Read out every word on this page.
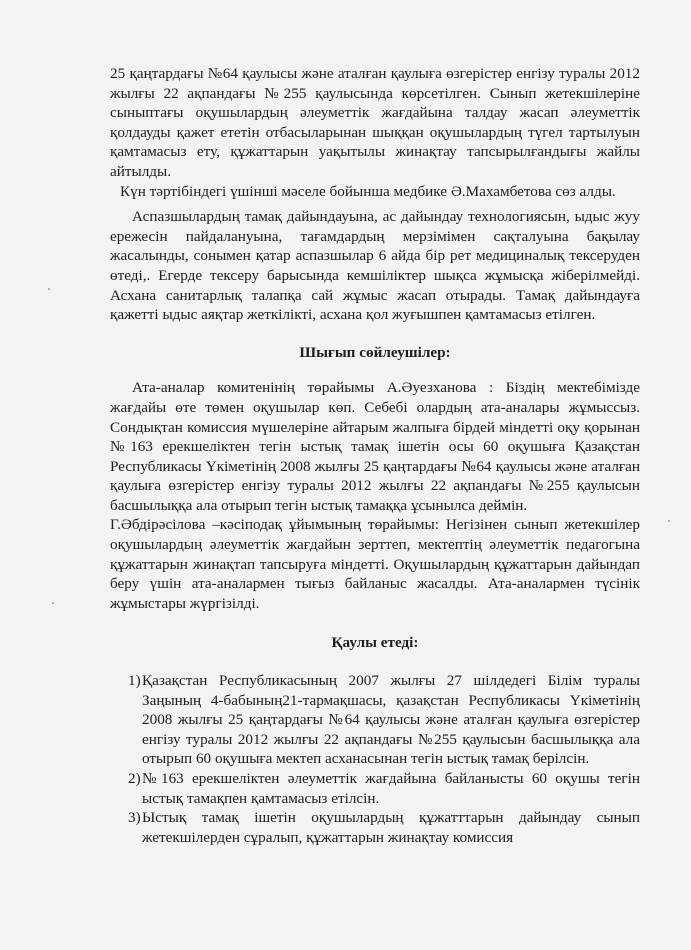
25 қаңтардағы №64 қаулысы және аталған қаулыға өзгерістер енгізу туралы 2012 жылғы 22 ақпандағы №255 қаулысында көрсетілген. Сынып жетекшілеріне сыныптағы оқушылардың әлеуметтік жағдайына талдау жасап әлеуметтік қолдауды қажет ететін отбасыларынан шыққан оқушылардың түгел тартылуын қамтамасыз ету, құжаттарын уақытылы жинақтау тапсырылғандығы жайлы айтылды.

Күн тәртібіндегі үшінші мәселе бойынша медбике Ә.Махамбетова сөз алды.

Аспазшылардың тамақ дайындауына, ас дайындау технологиясын, ыдыс жуу ережесін пайдалануына, тағамдардың мерзімімен сақталуына бақылау жасалынды, сонымен қатар аспазшылар 6 айда бір рет медициналық тексеруден өтеді,. Егерде тексеру барысында кемшіліктер шықса жұмысқа жіберілмейді. Асхана санитарлық талапқа сай жұмыс жасап отырады. Тамақ дайындауға қажетті ыдыс аяқтар жеткілікті, асхана қол жуғышпен қамтамасыз етілген.

Шығып сөйлеушілер:

Ата-аналар комитенінің төрайымы А.Әуезханова : Біздің мектебімізде жағдайы өте төмен оқушылар көп. Себебі олардың ата-аналары жұмыссыз. Сондықтан комиссия мүшелеріне айтарым жалпыға бірдей міндетті оқу қорынан №163 ерекшеліктен тегін ыстық тамақ ішетін осы 60 оқушыға Қазақстан Республикасы Үкіметінің 2008 жылғы 25 қаңтардағы №64 қаулысы және аталған қаулыға өзгерістер енгізу туралы 2012 жылғы 22 ақпандағы №255 қаулысын басшылыққа ала отырып тегін ыстық тамаққа ұсынылса деймін.

Г.Әбдірәсілова –кәсіподақ ұйымының төрайымы: Негізінен сынып жетекшілер оқушылардың әлеуметтік жағдайын зерттеп, мектептің әлеуметтік педагогына құжаттарын жинақтап тапсыруға міндетті. Оқушылардың құжаттарын дайындап беру үшін ата-аналармен тығыз байланыс жасалды. Ата-аналармен түсінік жұмыстары жүргізілді.

Қаулы етеді:
1) Қазақстан Республикасының 2007 жылғы 27 шілдедегі Білім туралы Заңының 4-бабының21-тармақшасы, қазақстан Республикасы Үкіметінің 2008 жылғы 25 қаңтардағы №64 қаулысы және аталған қаулыға өзгерістер енгізу туралы 2012 жылғы 22 ақпандағы №255 қаулысын басшылыққа ала отырып 60 оқушыға мектеп асханасынан тегін ыстық тамақ берілсін.
2) №163 ерекшеліктен әлеуметтік жағдайына байланысты 60 оқушы тегін ыстық тамақпен қамтамасыз етілсін.
3) Ыстық тамақ ішетін оқушылардың құжатттарын дайындау сынып жетекшілерден сұралып, құжаттарын жинақтау комиссия
